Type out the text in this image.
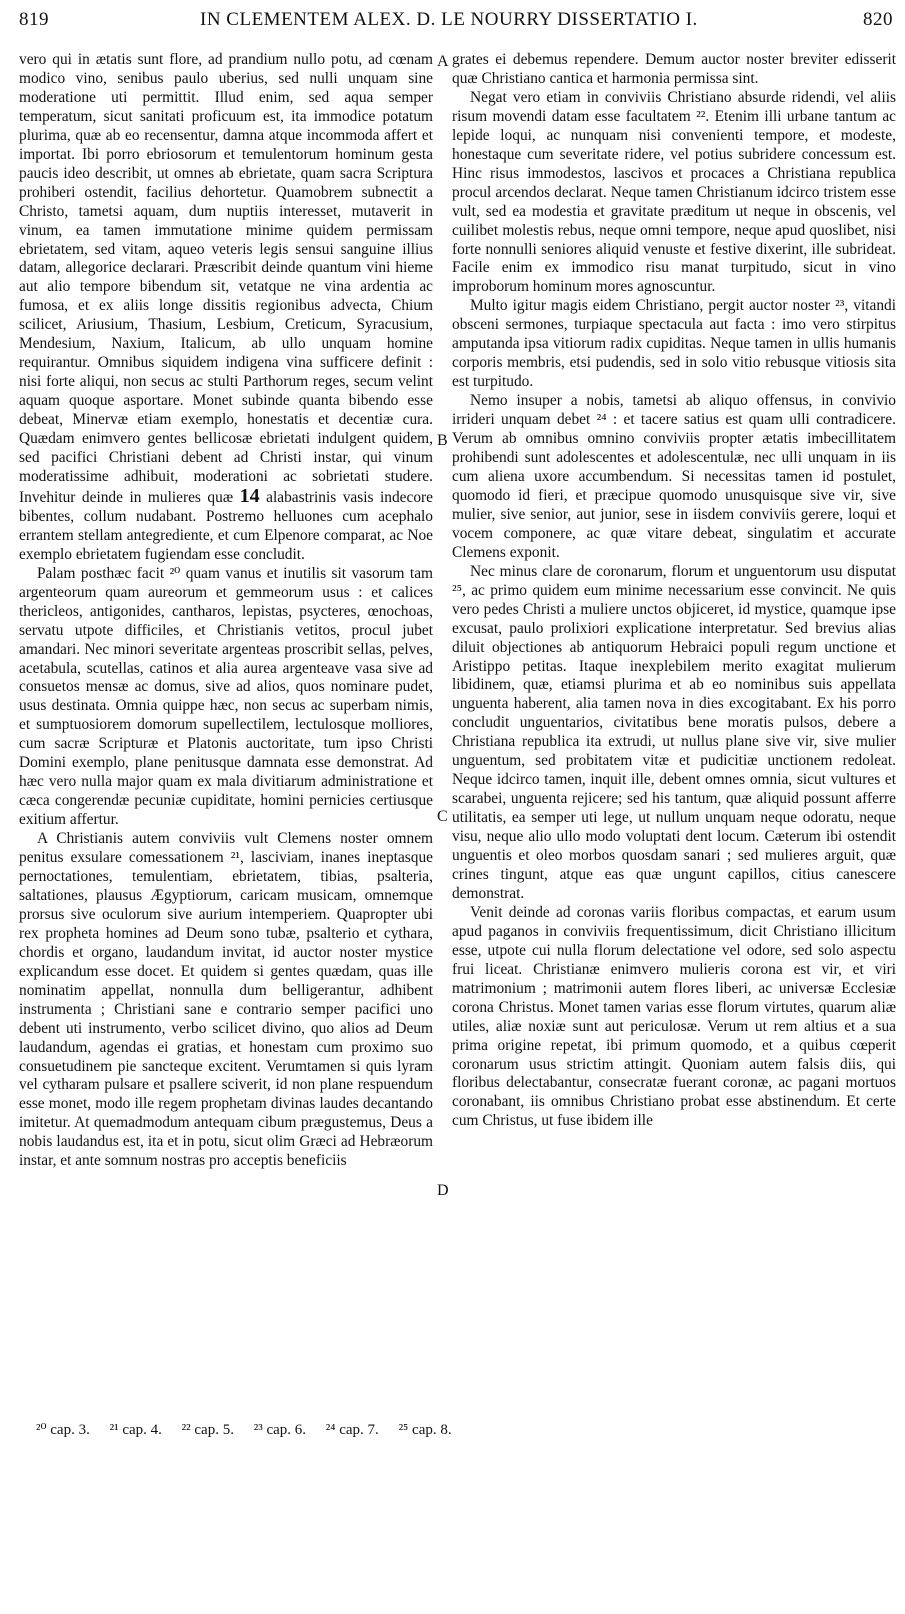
819	IN CLEMENTEM ALEX. D. LE NOURRY DISSERTATIO I.	820
A
B
C
D

vero qui in ætatis sunt flore, ad prandium nullo potu, ad cœnam modico vino, senibus paulo uberius, sed nulli unquam sine moderatione uti permittit. Illud enim, sed aqua semper temperatum, sicut sanitati proficuum est, ita immodice potatum plurima, quæ ab eo recensentur, damna atque incommoda affert et importat. Ibi porro ebriosorum et temulentorum hominum gesta paucis ideo describit, ut omnes ab ebrietate, quam sacra Scriptura prohiberi ostendit, facilius dehortetur. Quamobrem subnectit a Christo, tametsi aquam, dum nuptiis interesset, mutaverit in vinum, ea tamen immutatione minime quidem permissam ebrietatem, sed vitam, aqueo veteris legis sensui sanguine illius datam, allegorice declarari. Præscribit deinde quantum vini hieme aut alio tempore bibendum sit, vetatque ne vina ardentia ac fumosa, et ex aliis longe dissitis regionibus advecta, Chium scilicet, Ariusium, Thasium, Lesbium, Creticum, Syracusium, Mendesium, Naxium, Italicum, ab ullo unquam homine requirantur. Omnibus siquidem indigena vina sufficere definit : nisi forte aliqui, non secus ac stulti Parthorum reges, secum velint aquam quoque asportare. Monet subinde quanta bibendo esse debeat, Minervæ etiam exemplo, honestatis et decentiæ cura. Quædam enimvero gentes bellicosæ ebrietati indulgent quidem, sed pacifici Christiani debent ad Christi instar, qui vinum moderatissime adhibuit, moderationi ac sobrietati studere. Invehitur deinde in mulieres quæ 14 alabastrinis vasis indecore bibentes, collum nudabant. Postremo helluones cum acephalo errantem stellam antegrediente, et cum Elpenore comparat, ac Noe exemplo ebrietatem fugiendam esse concludit.

Palam posthæc facit ²⁰ quam vanus et inutilis sit vasorum tam argenteorum quam aureorum et gemmeorum usus : et calices thericleos, antigonides, cantharos, lepistas, psycteres, œnochoas, servatu utpote difficiles, et Christianis vetitos, procul jubet amandari. Nec minori severitate argenteas proscribit sellas, pelves, acetabula, scutellas, catinos et alia aurea argenteave vasa sive ad consuetos mensæ ac domus, sive ad alios, quos nominare pudet, usus destinata. Omnia quippe hæc, non secus ac superbam nimis, et sumptuosiorem domorum supellectilem, lectulosque molliores, cum sacræ Scripturæ et Platonis auctoritate, tum ipso Christi Domini exemplo, plane penitusque damnata esse demonstrat. Ad hæc vero nulla major quam ex mala divitiarum administratione et cæca congerendæ pecuniæ cupiditate, homini pernicies certiusque exitium affertur.

A Christianis autem conviviis vult Clemens noster omnem penitus exsulare comessationem ²¹, lasciviam, inanes ineptasque pernoctationes, temulentiam, ebrietatem, tibias, psalteria, saltationes, plausus Ægyptiorum, caricam musicam, omnemque prorsus sive oculorum sive aurium intemperiem. Quapropter ubi rex propheta homines ad Deum sono tubæ, psalterio et cythara, chordis et organo, laudandum invitat, id auctor noster mystice explicandum esse docet. Et quidem si gentes quædam, quas ille nominatim appellat, nonnulla dum belligerantur, adhibent instrumenta ; Christiani sane e contrario semper pacifici uno debent uti instrumento, verbo scilicet divino, quo alios ad Deum laudandum, agendas ei gratias, et honestam cum proximo suo consuetudinem pie sancteque excitent. Verumtamen si quis lyram vel cytharam pulsare et psallere sciverit, id non plane respuendum esse monet, modo ille regem prophetam divinas laudes decantando imitetur. At quemadmodum antequam cibum prægustemus, Deus a nobis laudandus est, ita et in potu, sicut olim Græci ad Hebræorum instar, et ante somnum nostras pro acceptis beneficiis

grates ei debemus rependere. Demum auctor noster breviter edisserit quæ Christiano cantica et harmonia permissa sint.

Negat vero etiam in conviviis Christiano absurde ridendi, vel aliis risum movendi datam esse facultatem ²². Etenim illi urbane tantum ac lepide loqui, ac nunquam nisi convenienti tempore, et modeste, honestaque cum severitate ridere, vel potius subridere concessum est. Hinc risus immodestos, lascivos et procaces a Christiana republica procul arcendos declarat. Neque tamen Christianum idcirco tristem esse vult, sed ea modestia et gravitate præditum ut neque in obscenis, vel cuilibet molestis rebus, neque omni tempore, neque apud quoslibet, nisi forte nonnulli seniores aliquid venuste et festive dixerint, ille subrideat. Facile enim ex immodico risu manat turpitudo, sicut in vino improborum hominum mores agnoscuntur.

Multo igitur magis eidem Christiano, pergit auctor noster ²³, vitandi obsceni sermones, turpiaque spectacula aut facta : imo vero stirpitus amputanda ipsa vitiorum radix cupiditas. Neque tamen in ullis humanis corporis membris, etsi pudendis, sed in solo vitio rebusque vitiosis sita est turpitudo.

Nemo insuper a nobis, tametsi ab aliquo offensus, in convivio irrideri unquam debet ²⁴ : et tacere satius est quam ulli contradicere. Verum ab omnibus omnino conviviis propter ætatis imbecillitatem prohibendi sunt adolescentes et adolescentulæ, nec ulli unquam in iis cum aliena uxore accumbendum. Si necessitas tamen id postulet, quomodo id fieri, et præcipue quomodo unusquisque sive vir, sive mulier, sive senior, aut junior, sese in iisdem conviviis gerere, loqui et vocem componere, ac quæ vitare debeat, singulatim et accurate Clemens exponit.

Nec minus clare de coronarum, florum et unguentorum usu disputat ²⁵, ac primo quidem eum minime necessarium esse convincit. Ne quis vero pedes Christi a muliere unctos objiceret, id mystice, quamque ipse excusat, paulo prolixiori explicatione interpretatur. Sed brevius alias diluit objectiones ab antiquorum Hebraici populi regum unctione et Aristippo petitas. Itaque inexplebilem merito exagitat mulierum libidinem, quæ, etiamsi plurima et ab eo nominibus suis appellata unguenta haberent, alia tamen nova in dies excogitabant. Ex his porro concludit unguentarios, civitatibus bene moratis pulsos, debere a Christiana republica ita extrudi, ut nullus plane sive vir, sive mulier unguentum, sed probitatem vitæ et pudicitiæ unctionem redoleat. Neque idcirco tamen, inquit ille, debent omnes omnia, sicut vultures et scarabei, unguenta rejicere; sed his tantum, quæ aliquid possunt afferre utilitatis, ea semper uti lege, ut nullum unquam neque odoratu, neque visu, neque alio ullo modo voluptati dent locum. Cæterum ibi ostendit unguentis et oleo morbos quosdam sanari ; sed mulieres arguit, quæ crines tingunt, atque eas quæ ungunt capillos, citius canescere demonstrat.

Venit deinde ad coronas variis floribus compactas, et earum usum apud paganos in conviviis frequentissimum, dicit Christiano illicitum esse, utpote cui nulla florum delectatione vel odore, sed solo aspectu frui liceat. Christianæ enimvero mulieris corona est vir, et viri matrimonium ; matrimonii autem flores liberi, ac universæ Ecclesiæ corona Christus. Monet tamen varias esse florum virtutes, quarum aliæ utiles, aliæ noxiæ sunt aut periculosæ. Verum ut rem altius et a sua prima origine repetat, ibi primum quomodo, et a quibus cœperit coronarum usus strictim attingit. Quoniam autem falsis diis, qui floribus delectabantur, consecratæ fuerant coronæ, ac pagani mortuos coronabant, iis omnibus Christiano probat esse abstinendum. Et certe cum Christus, ut fuse ibidem ille

²⁰ cap. 3. ²¹ cap. 4. ²² cap. 5. ²³ cap. 6. ²⁴ cap. 7. ²⁵ cap. 8.
